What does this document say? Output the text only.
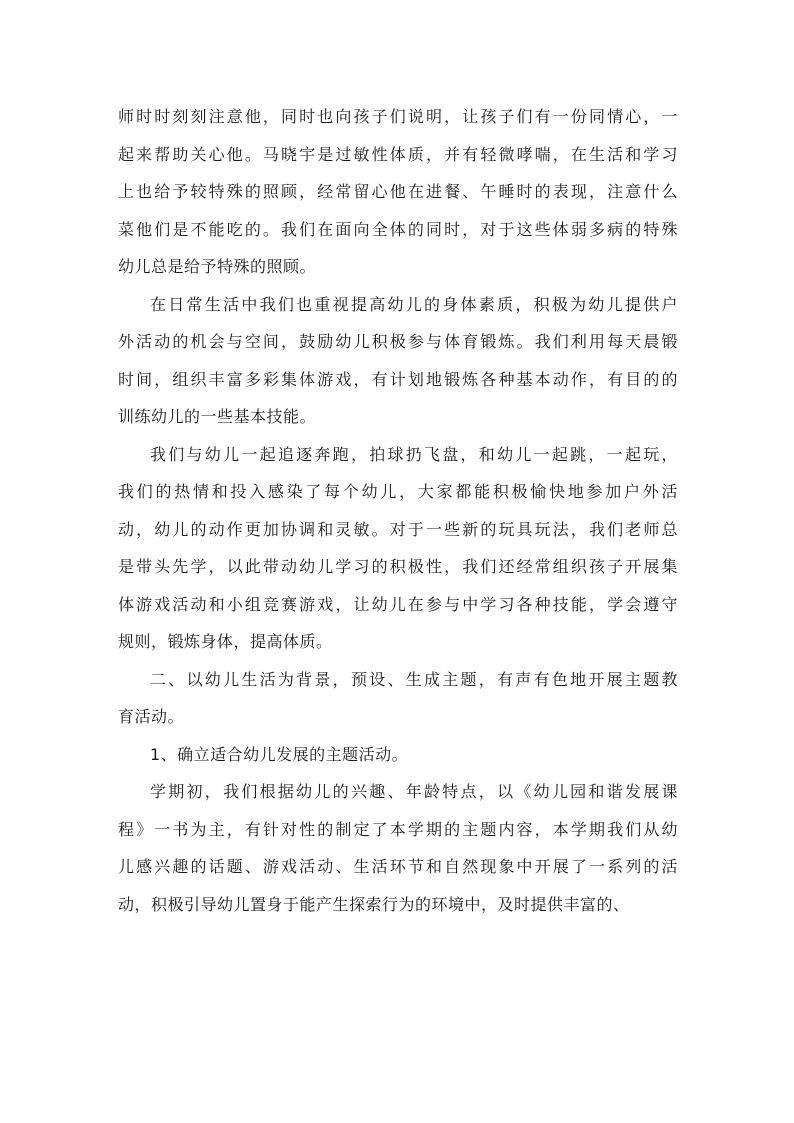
师时时刻刻注意他，同时也向孩子们说明，让孩子们有一份同情心，一
起来帮助关心他。马晓宇是过敏性体质，并有轻微哮喘，在生活和学习
上也给予较特殊的照顾，经常留心他在进餐、午睡时的表现，注意什么
菜他们是不能吃的。我们在面向全体的同时，对于这些体弱多病的特殊
幼儿总是给予特殊的照顾。
在日常生活中我们也重视提高幼儿的身体素质，积极为幼儿提供户
外活动的机会与空间，鼓励幼儿积极参与体育锻炼。我们利用每天晨锻
时间，组织丰富多彩集体游戏，有计划地锻炼各种基本动作，有目的的
训练幼儿的一些基本技能。
我们与幼儿一起追逐奔跑，拍球扔飞盘，和幼儿一起跳，一起玩，
我们的热情和投入感染了每个幼儿，大家都能积极愉快地参加户外活
动，幼儿的动作更加协调和灵敏。对于一些新的玩具玩法，我们老师总
是带头先学，以此带动幼儿学习的积极性，我们还经常组织孩子开展集
体游戏活动和小组竞赛游戏，让幼儿在参与中学习各种技能，学会遵守
规则，锻炼身体，提高体质。
二、以幼儿生活为背景，预设、生成主题，有声有色地开展主题教
育活动。
1、确立适合幼儿发展的主题活动。
学期初，我们根据幼儿的兴趣、年龄特点，以《幼儿园和谐发展课
程》一书为主，有针对性的制定了本学期的主题内容，本学期我们从幼
儿感兴趣的话题、游戏活动、生活环节和自然现象中开展了一系列的活
动，积极引导幼儿置身于能产生探索行为的环境中，及时提供丰富的、
